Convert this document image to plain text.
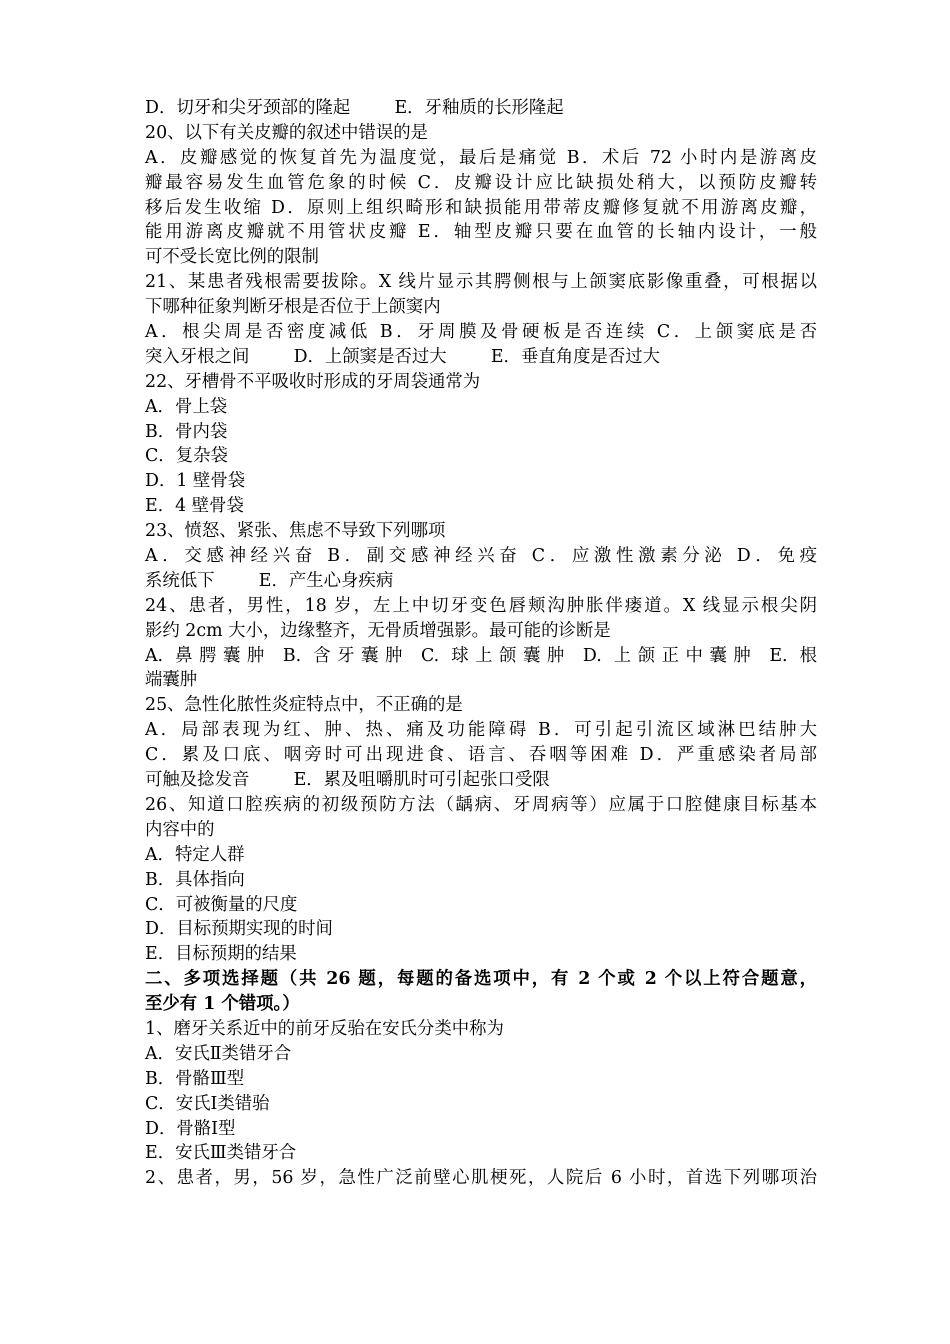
D．切牙和尖牙颈部的隆起        E．牙釉质的长形隆起
20、以下有关皮瓣的叙述中错误的是
A．皮瓣感觉的恢复首先为温度觉，最后是痛觉 B．术后 72 小时内是游离皮
瓣最容易发生血管危象的时候 C．皮瓣设计应比缺损处稍大，以预防皮瓣转
移后发生收缩 D．原则上组织畸形和缺损能用带蒂皮瓣修复就不用游离皮瓣，
能用游离皮瓣就不用管状皮瓣 E．轴型皮瓣只要在血管的长轴内设计，一般
可不受长宽比例的限制
21、某患者残根需要拔除。X 线片显示其腭侧根与上颌窦底影像重叠，可根据以
下哪种征象判断牙根是否位于上颌窦内
A．根尖周是否密度减低 B．牙周膜及骨硬板是否连续 C．上颌窦底是否
突入牙根之间        D．上颌窦是否过大        E．垂直角度是否过大
22、牙槽骨不平吸收时形成的牙周袋通常为
A．骨上袋
B．骨内袋
C．复杂袋
D．1 壁骨袋
E．4 壁骨袋
23、愤怒、紧张、焦虑不导致下列哪项
A．交感神经兴奋 B．副交感神经兴奋 C．应激性激素分泌 D．免疫
系统低下        E．产生心身疾病
24、患者，男性，18 岁，左上中切牙变色唇颊沟肿胀伴瘘道。X 线显示根尖阴
影约 2cm 大小，边缘整齐，无骨质增强影。最可能的诊断是
A. 鼻腭囊肿 B. 含牙囊肿 C. 球上颌囊肿 D. 上颌正中囊肿 E. 根
端囊肿
25、急性化脓性炎症特点中，不正确的是
A．局部表现为红、肿、热、痛及功能障碍 B．可引起引流区域淋巴结肿大
C．累及口底、咽旁时可出现进食、语言、吞咽等困难 D．严重感染者局部
可触及捻发音        E．累及咀嚼肌时可引起张口受限
26、知道口腔疾病的初级预防方法（龋病、牙周病等）应属于口腔健康目标基本
内容中的
A．特定人群
B．具体指向
C．可被衡量的尺度
D．目标预期实现的时间
E．目标预期的结果
二、多项选择题（共 26 题，每题的备选项中，有 2 个或 2 个以上符合题意，
至少有 1 个错项。）
1、磨牙关系近中的前牙反骀在安氏分类中称为
A．安氏Ⅱ类错牙合
B．骨骼Ⅲ型
C．安氏Ⅰ类错骀
D．骨骼Ⅰ型
E．安氏Ⅲ类错牙合
2、患者，男，56 岁，急性广泛前壁心肌梗死，人院后 6 小时，首选下列哪项治
